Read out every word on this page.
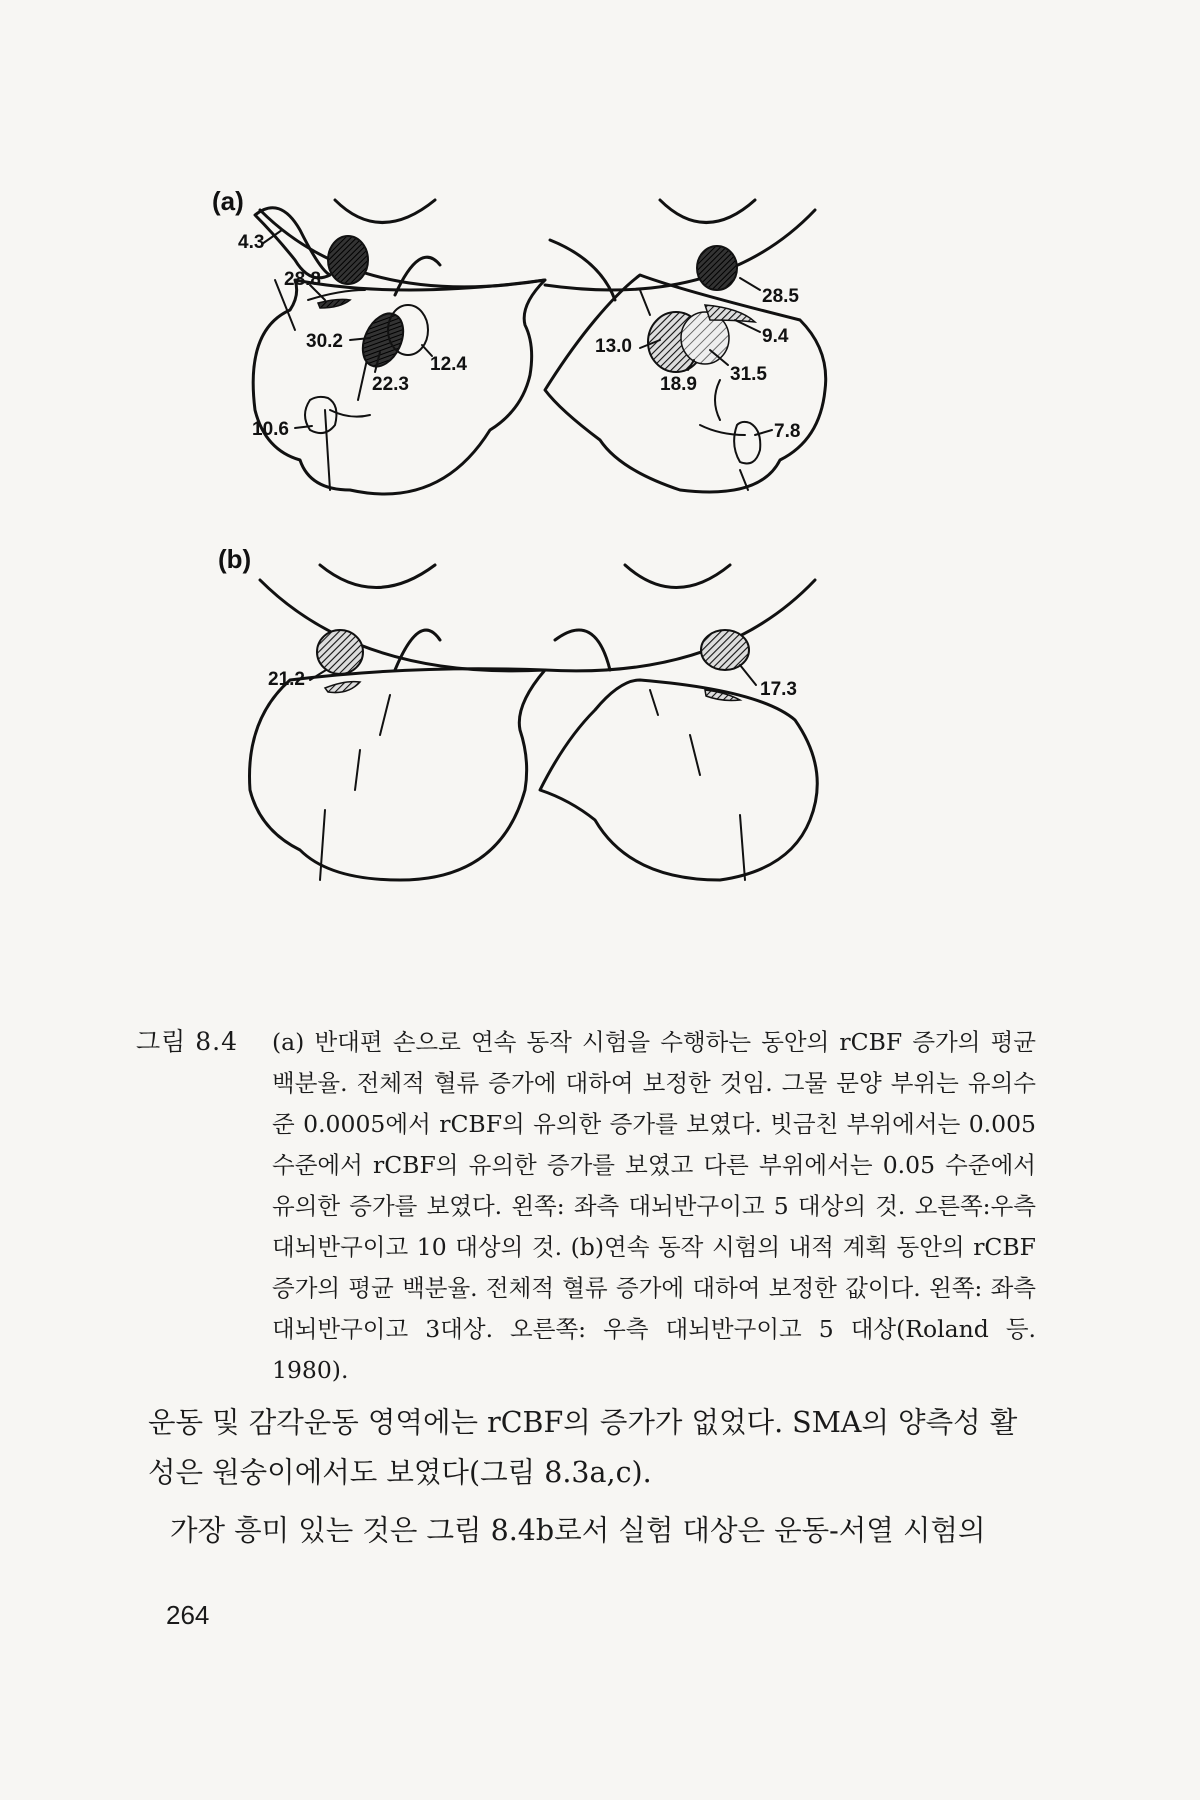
(a)
4.3
28.8
30.2
12.4
22.3
10.6
28.5
9.4
13.0
31.5
18.9
7.8
(b)
21.2	17.3
그림 8.4 (a) 반대편 손으로 연속 동작 시험을 수행하는 동안의 rCBF 증가의 평균 백분율. 전체적 혈류 증가에 대하여 보정한 것임. 그물 문양 부위는 유의수준 0.0005에서 rCBF의 유의한 증가를 보였다. 빗금친 부위에서는 0.005 수준에서 rCBF의 유의한 증가를 보였고 다른 부위에서는 0.05 수준에서 유의한 증가를 보였다. 왼쪽: 좌측 대뇌반구이고 5 대상의 것. 오른쪽:우측 대뇌반구이고 10 대상의 것. (b)연속 동작 시험의 내적 계획 동안의 rCBF 증가의 평균 백분율. 전체적 혈류 증가에 대하여 보정한 값이다. 왼쪽: 좌측 대뇌반구이고 3대상. 오른쪽: 우측 대뇌반구이고 5 대상(Roland 등. 1980).

운동 및 감각운동 영역에는 rCBF의 증가가 없었다. SMA의 양측성 활성은 원숭이에서도 보였다(그림 8.3a,c).

가장 흥미 있는 것은 그림 8.4b로서 실험 대상은 운동-서열 시험의

264
